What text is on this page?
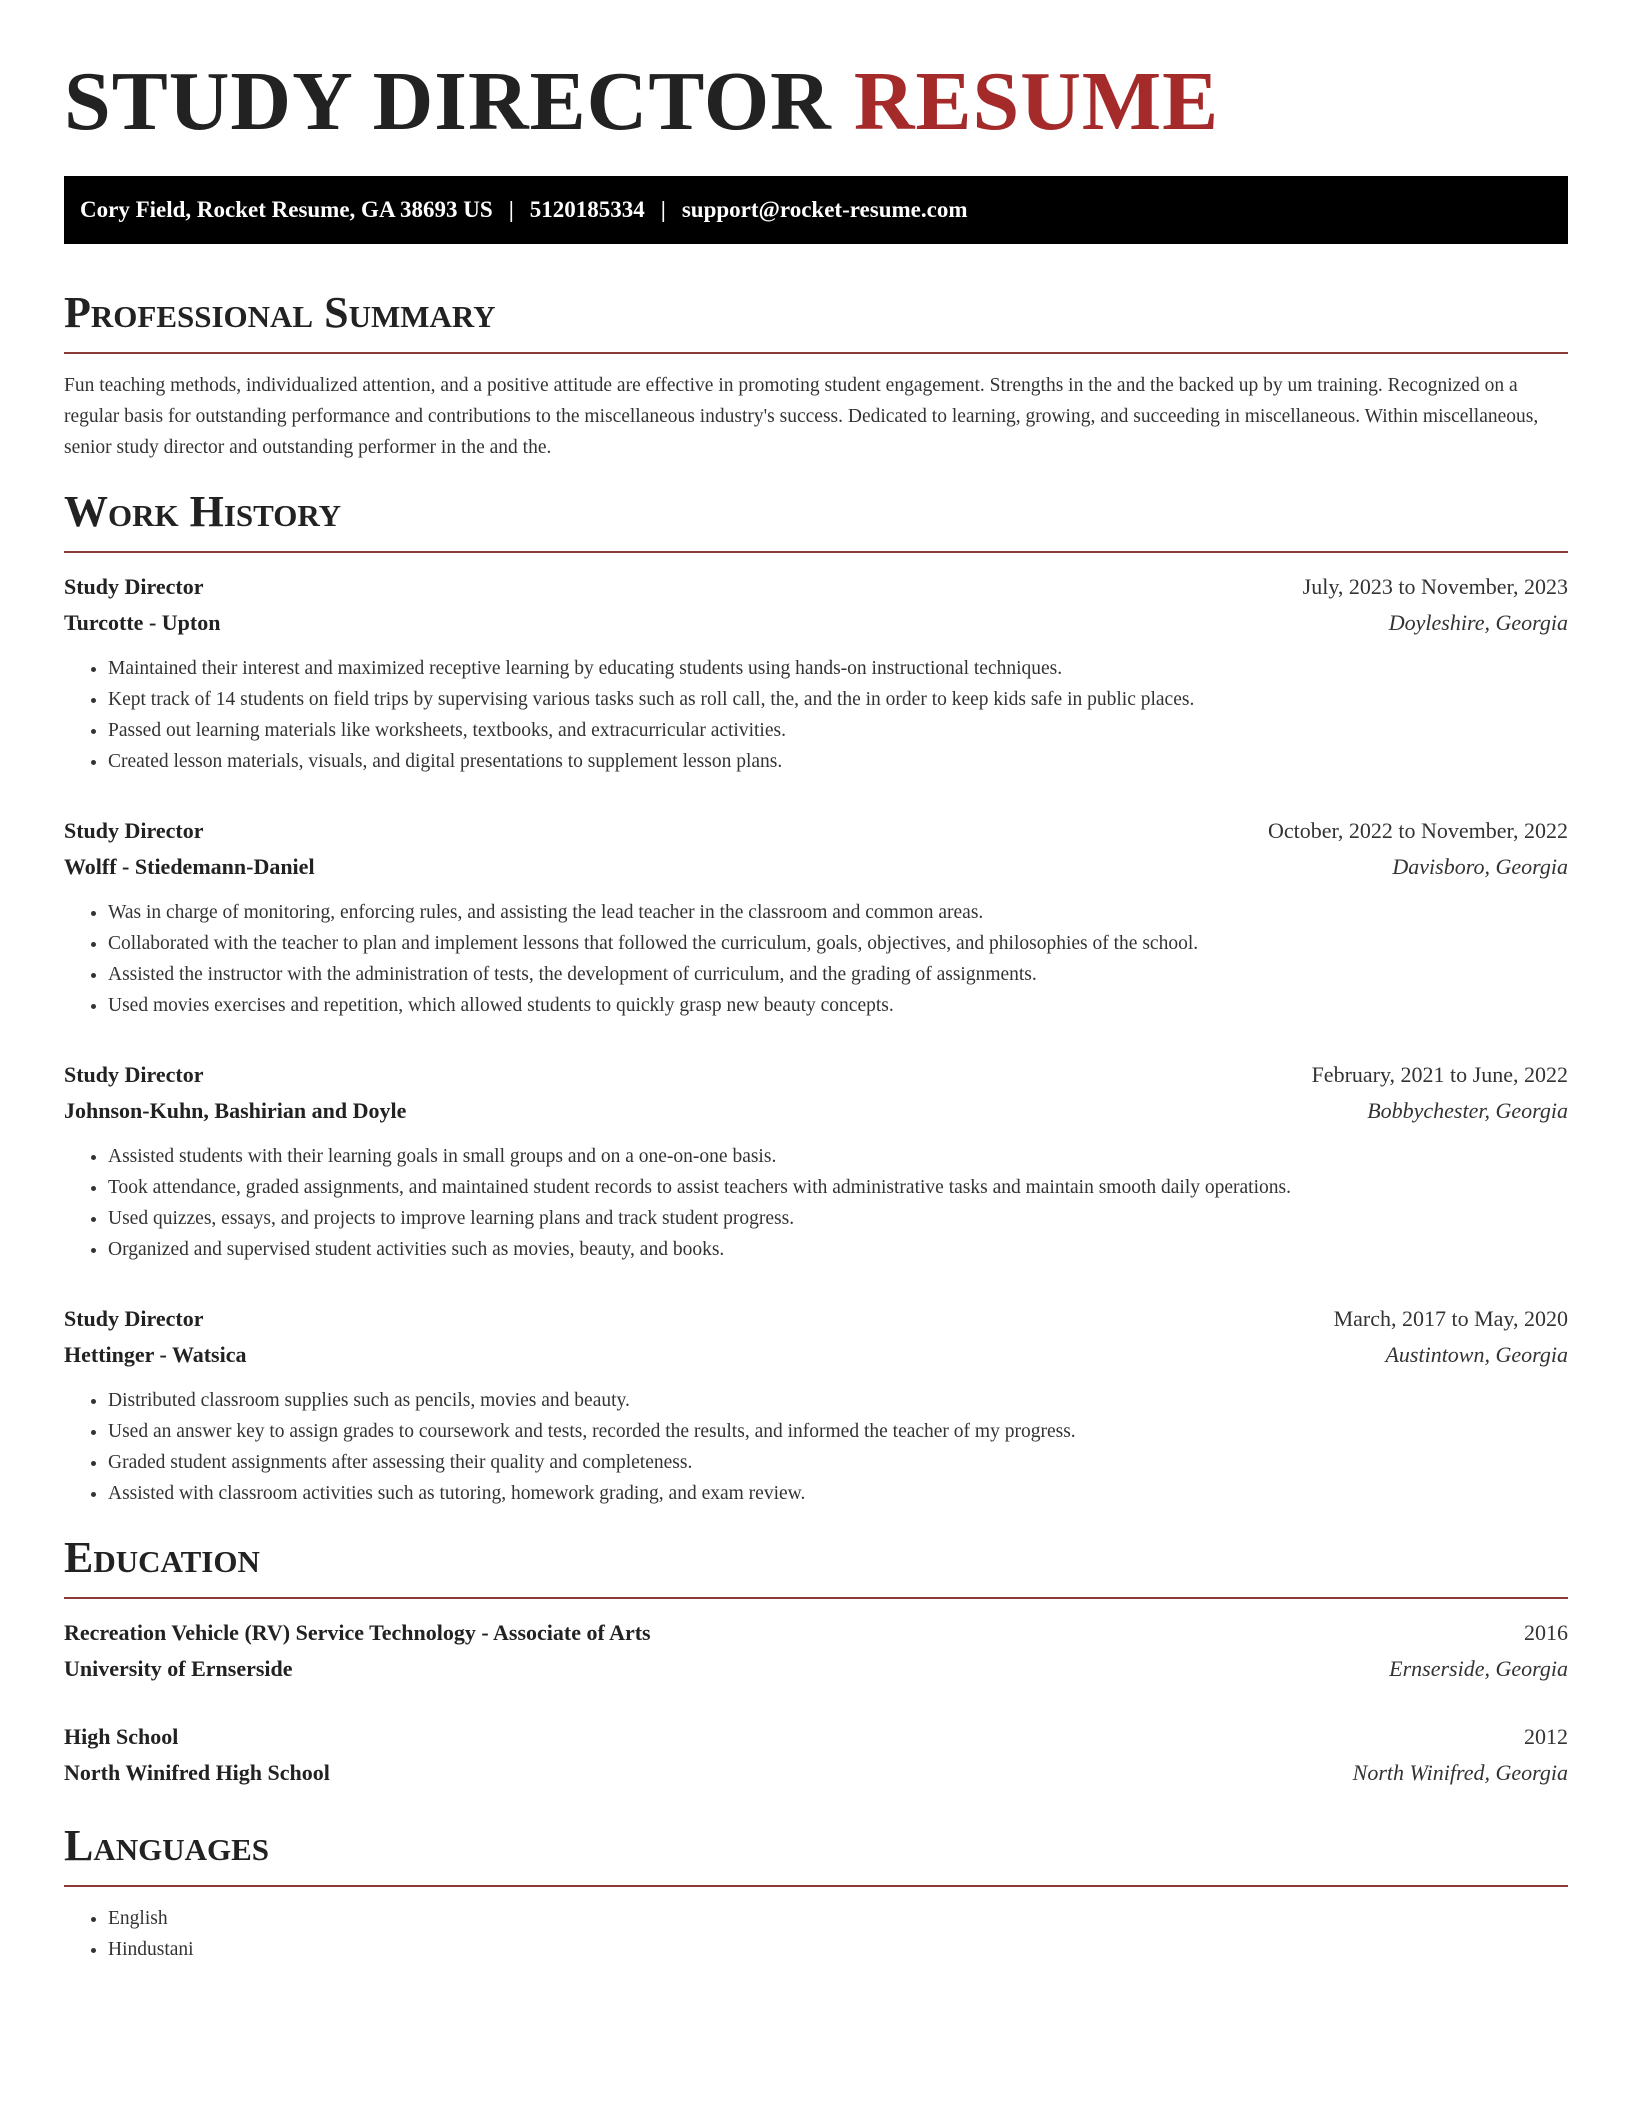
STUDY DIRECTOR RESUME
Cory Field, Rocket Resume, GA 38693 US | 5120185334 | support@rocket-resume.com
Professional Summary

Fun teaching methods, individualized attention, and a positive attitude are effective in promoting student engagement. Strengths in the and the backed up by um training. Recognized on a regular basis for outstanding performance and contributions to the miscellaneous industry's success. Dedicated to learning, growing, and succeeding in miscellaneous. Within miscellaneous, senior study director and outstanding performer in the and the.

Work History
Study Director	July, 2023 to November, 2023
Turcotte - Upton	Doyleshire, Georgia
• Maintained their interest and maximized receptive learning by educating students using hands-on instructional techniques.
• Kept track of 14 students on field trips by supervising various tasks such as roll call, the, and the in order to keep kids safe in public places.
• Passed out learning materials like worksheets, textbooks, and extracurricular activities.
• Created lesson materials, visuals, and digital presentations to supplement lesson plans.
Study Director	October, 2022 to November, 2022
Wolff - Stiedemann-Daniel	Davisboro, Georgia
• Was in charge of monitoring, enforcing rules, and assisting the lead teacher in the classroom and common areas.
• Collaborated with the teacher to plan and implement lessons that followed the curriculum, goals, objectives, and philosophies of the school.
• Assisted the instructor with the administration of tests, the development of curriculum, and the grading of assignments.
• Used movies exercises and repetition, which allowed students to quickly grasp new beauty concepts.
Study Director	February, 2021 to June, 2022
Johnson-Kuhn, Bashirian and Doyle	Bobbychester, Georgia
• Assisted students with their learning goals in small groups and on a one-on-one basis.
• Took attendance, graded assignments, and maintained student records to assist teachers with administrative tasks and maintain smooth daily operations.
• Used quizzes, essays, and projects to improve learning plans and track student progress.
• Organized and supervised student activities such as movies, beauty, and books.
Study Director	March, 2017 to May, 2020
Hettinger - Watsica	Austintown, Georgia
• Distributed classroom supplies such as pencils, movies and beauty.
• Used an answer key to assign grades to coursework and tests, recorded the results, and informed the teacher of my progress.
• Graded student assignments after assessing their quality and completeness.
• Assisted with classroom activities such as tutoring, homework grading, and exam review.
Education
Recreation Vehicle (RV) Service Technology - Associate of Arts	2016
University of Ernserside	Ernserside, Georgia
High School	2012
North Winifred High School	North Winifred, Georgia
Languages
• English
• Hindustani
